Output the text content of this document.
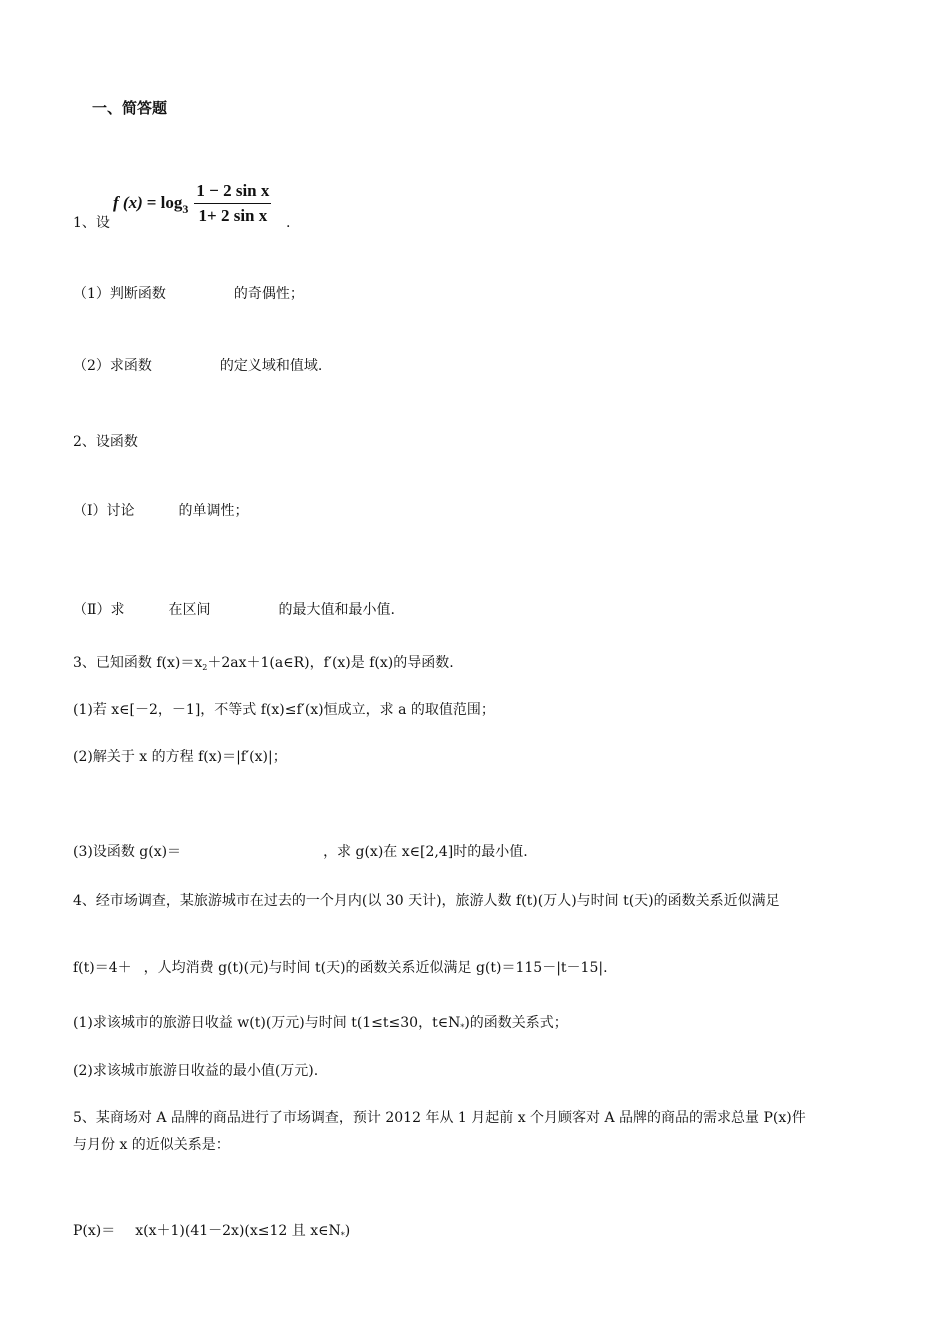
一、简答题
f $(x) = \log 3 \frac{\text{1 − 2 sin x}}{\text{1+ 2 sin x}}$
1、设	.
（1）判断函数	的奇偶性；
（2）求函数	的定义域和值域.
2、设函数
（Ⅰ）讨论	的单调性；
（Ⅱ）求	在区间	的最大值和最小值.
3、已知函数 $f(x)=x_2+2ax+1(a\in R)$，f′(x)是 f(x)的导函数.
(1)若 x∈[－2，－1]，不等式 f(x)≤f′(x)恒成立，求 a 的取值范围；
(2)解关于 x 的方程 f(x)＝|f′(x)|；
(3)设函数 g(x)＝	，求 g(x)在 x∈[2,4]时的最小值.
4、经市场调查，某旅游城市在过去的一个月内(以 30 天计)，旅游人数 f(t)(万人)与时间 t(天)的函数关系近似满足
f(t)＝4＋ ，人均消费 g(t)(元)与时间 t(天)的函数关系近似满足 g(t)＝115－|t－15|.
(1)求该城市的旅游日收益 w(t)(万元)与时间 t(1≤t≤30，$t\in N_*$)的函数关系式；
(2)求该城市旅游日收益的最小值(万元).
5、某商场对 A 品牌的商品进行了市场调查，预计 2012 年从 1 月起前 x 个月顾客对 A 品牌的商品的需求总量 P(x)件
与月份 x 的近似关系是：
P(x)＝ x(x＋1)(41－2x)(x≤12 且 $x\in N_*$)
